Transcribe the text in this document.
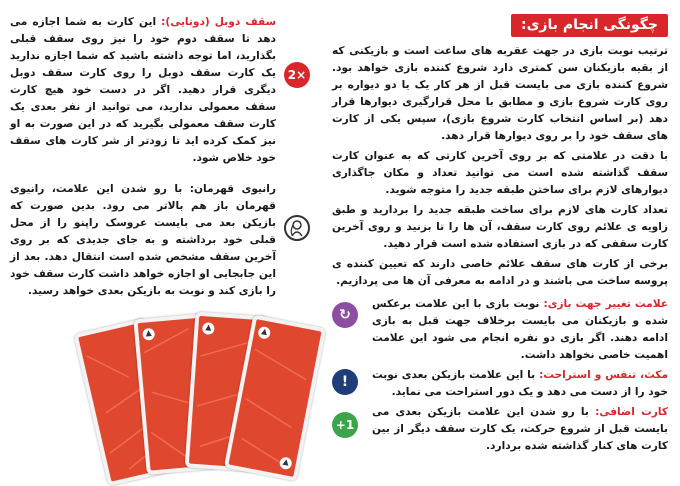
چگونگی انجام بازی:

ترتیب نوبت بازی در جهت عقربه های ساعت است و بازیکنی که از بقیه بازیکنان سن کمتری دارد شروع کننده بازی خواهد بود. شروع کننده بازی می بایست قبل از هر کار یک یا دو دیواره بر روی کارت شروع بازی و مطابق با محل قرارگیری دیوارها قرار دهد (بر اساس انتخاب کارت شروع بازی)، سپس یکی از کارت های سقف خود را بر روی دیوارها قرار دهد.

با دقت در علامتی که بر روی آخرین کارتی که به عنوان کارت سقف گذاشته شده است می توانید تعداد و مکان جاگذاری دیوارهای لازم برای ساختن طبقه جدید را متوجه شوید.

تعداد کارت های لازم برای ساخت طبقه جدید را بردارید و طبق زاویه ی علائم روی کارت سقف، آن ها را تا بزنید و روی آخرین کارت سقفی که در بازی استفاده شده است قرار دهید.

برخی از کارت های سقف علائم خاصی دارند که تعیین کننده ی پروسه ساخت می باشند و در ادامه به معرفی آن ها می پردازیم.

↻

علامت تغییر جهت بازی: نوبت بازی با این علامت برعکس شده و بازیکنان می بایست برخلاف جهت قبل به بازی ادامه دهند. اگر بازی دو نفره انجام می شود این علامت اهمیت خاصی نخواهد داشت.

!	مکث، تنفس و استراحت: با این علامت بازیکن بعدی نوبت خود را از دست می دهد و یک دور استراحت می نماید.

+1

کارت اضافی: با رو شدن این علامت بازیکن بعدی می بایست قبل از شروع حرکت، یک کارت سقف دیگر از بین کارت های کنار گذاشته شده بردارد.

2×

سقف دوبل (دوتایی): این کارت به شما اجازه می دهد تا سقف دوم خود را نیز روی سقف قبلی بگذارید، اما توجه داشته باشید که شما اجازه ندارید یک کارت سقف دوبل را روی کارت سقف دوبل دیگری قرار دهید. اگر در دست خود هیچ کارت سقف معمولی ندارید، می توانید از نفر بعدی یک کارت سقف معمولی بگیرید که در این صورت به او نیز کمک کرده اید تا زودتر از شر کارت های سقف خود خلاص شود.

رانیوی قهرمان: با رو شدن این علامت، رانیوی قهرمان باز هم بالاتر می رود. بدین صورت که بازیکن بعد می بایست عروسک راپنو را از محل قبلی خود برداشته و به جای جدیدی که بر روی آخرین سقف مشخص شده است انتقال دهد. بعد از این جابجایی او اجازه خواهد داشت کارت سقف خود را بازی کند و نوبت به بازیکن بعدی خواهد رسید.
